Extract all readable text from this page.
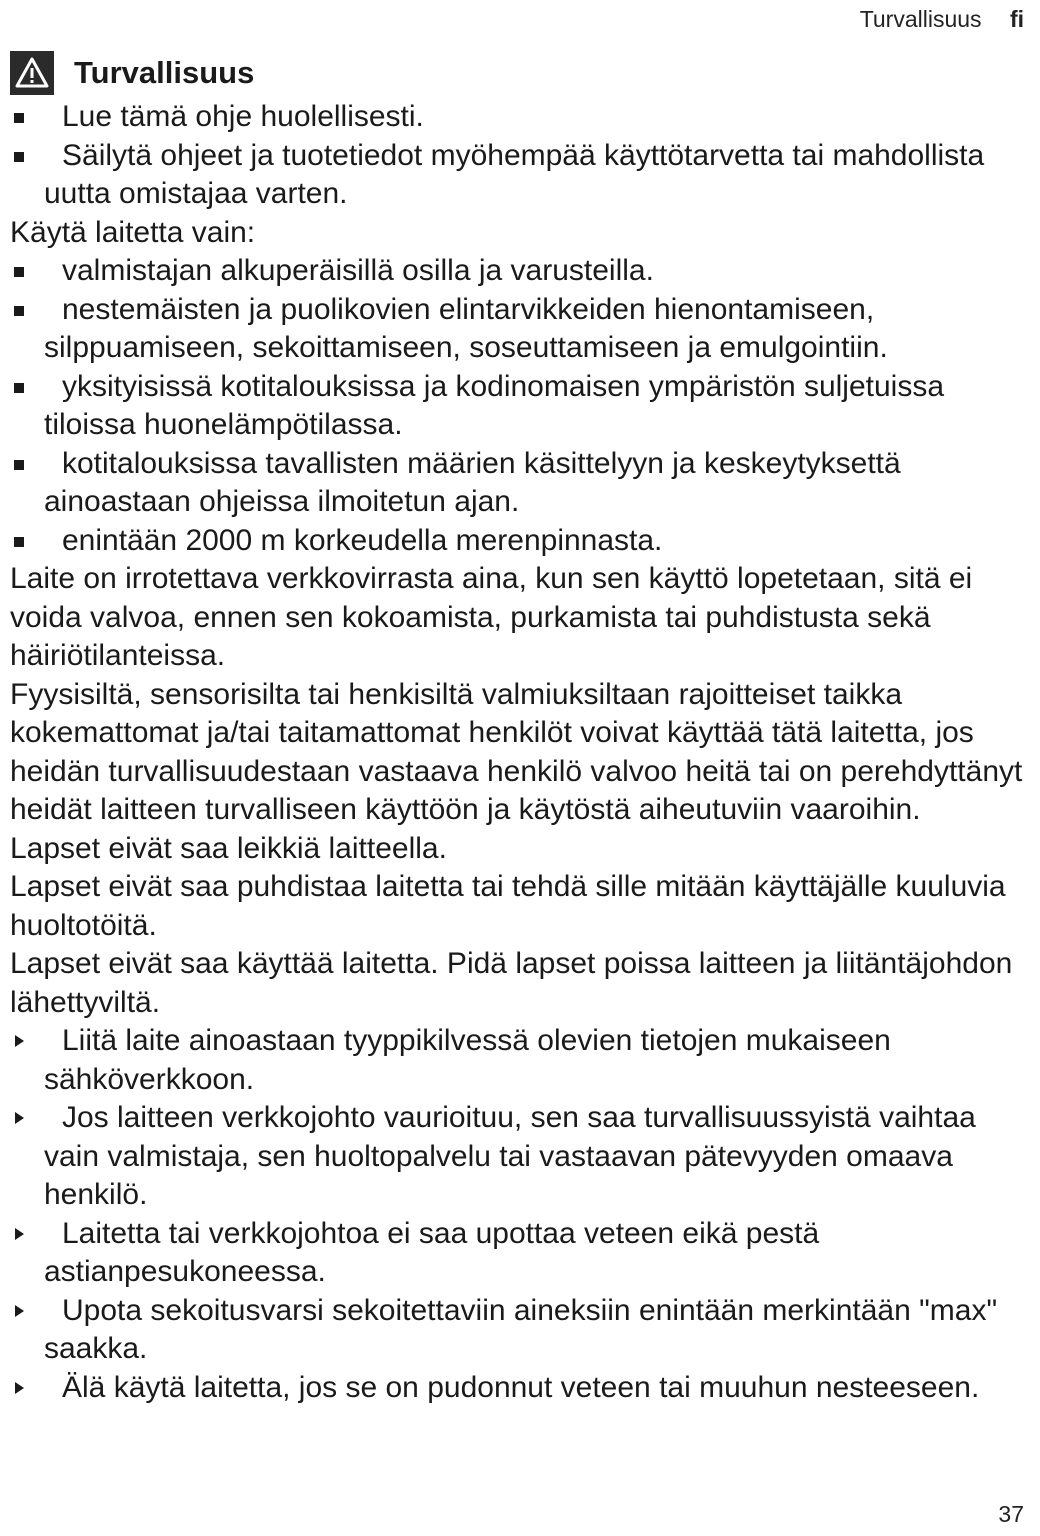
Turvallisuus fi
Turvallisuus
Lue tämä ohje huolellisesti.
Säilytä ohjeet ja tuotetiedot myöhempää käyttötarvetta tai mahdollista uutta omistajaa varten.

Käytä laitetta vain:

valmistajan alkuperäisillä osilla ja varusteilla.
nestemäisten ja puolikovien elintarvikkeiden hienontamiseen, silppuamiseen, sekoittamiseen, soseuttamiseen ja emulgointiin.
yksityisissä kotitalouksissa ja kodinomaisen ympäristön suljetuissa tiloissa huonelämpötilassa.
kotitalouksissa tavallisten määrien käsittelyyn ja keskeytyksettä ainoastaan ohjeissa ilmoitetun ajan.
enintään 2000 m korkeudella merenpinnasta.

Laite on irrotettava verkkovirrasta aina, kun sen käyttö lopetetaan, sitä ei voida valvoa, ennen sen kokoamista, purkamista tai puhdistusta sekä häiriötilanteissa.

Fyysisiltä, sensorisilta tai henkisiltä valmiuksiltaan rajoitteiset taikka kokemattomat ja/tai taitamattomat henkilöt voivat käyttää tätä laitetta, jos heidän turvallisuudestaan vastaava henkilö valvoo heitä tai on perehdyttänyt heidät laitteen turvalliseen käyttöön ja käytöstä aiheutuviin vaaroihin.

Lapset eivät saa leikkiä laitteella.

Lapset eivät saa puhdistaa laitetta tai tehdä sille mitään käyttäjälle kuuluvia huoltotöitä.

Lapset eivät saa käyttää laitetta. Pidä lapset poissa laitteen ja liitäntäjohdon lähettyviltä.

Liitä laite ainoastaan tyyppikilvessä olevien tietojen mukaiseen sähköverkkoon.
Jos laitteen verkkojohto vaurioituu, sen saa turvallisuussyistä vaihtaa vain valmistaja, sen huoltopalvelu tai vastaavan pätevyyden omaava henkilö.
Laitetta tai verkkojohtoa ei saa upottaa veteen eikä pestä astianpesukoneessa.
Upota sekoitusvarsi sekoitettaviin aineksiin enintään merkintään "max" saakka.
Älä käytä laitetta, jos se on pudonnut veteen tai muuhun nesteeseen.
37
